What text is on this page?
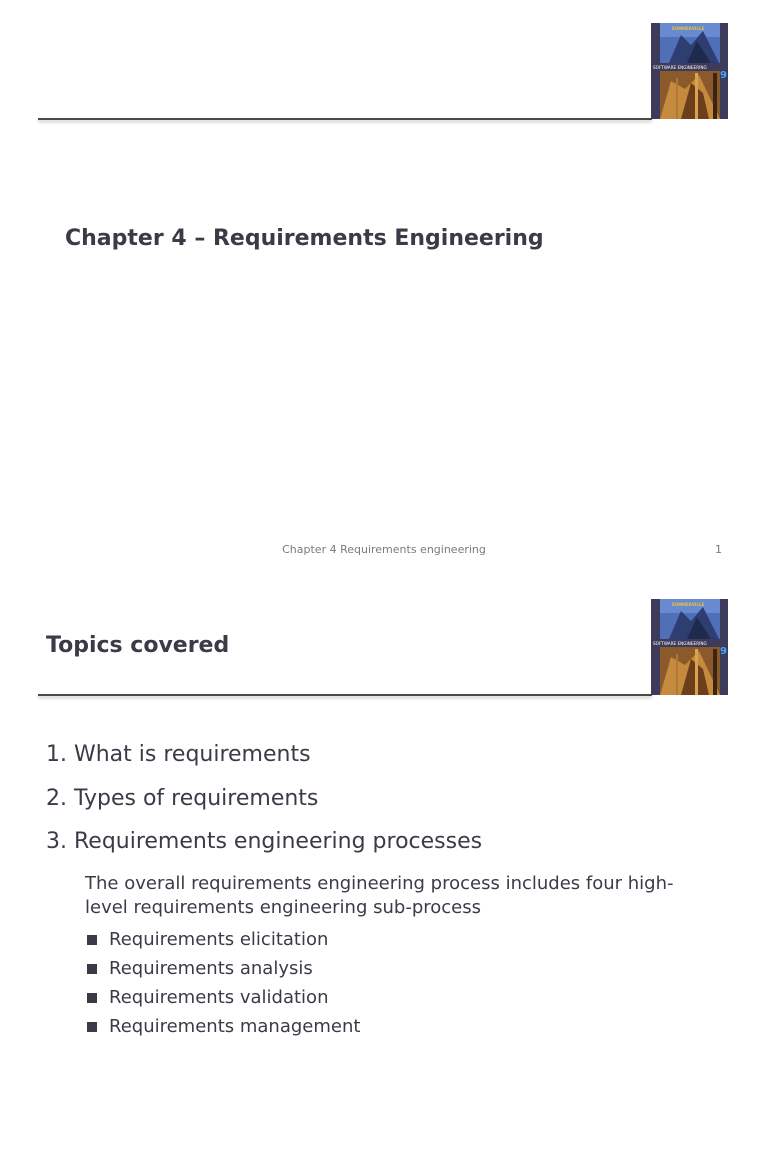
SOMMERVILLE
SOFTWARE ENGINEERING
9
Chapter 4 – Requirements Engineering
Chapter 4 Requirements engineering	1
SOMMERVILLE
SOFTWARE ENGINEERING
9
Topics covered
1. What is requirements
2. Types of requirements
3. Requirements engineering processes
The overall requirements engineering process includes four high-level requirements engineering sub-process
Requirements elicitation
Requirements analysis
Requirements validation
Requirements management
